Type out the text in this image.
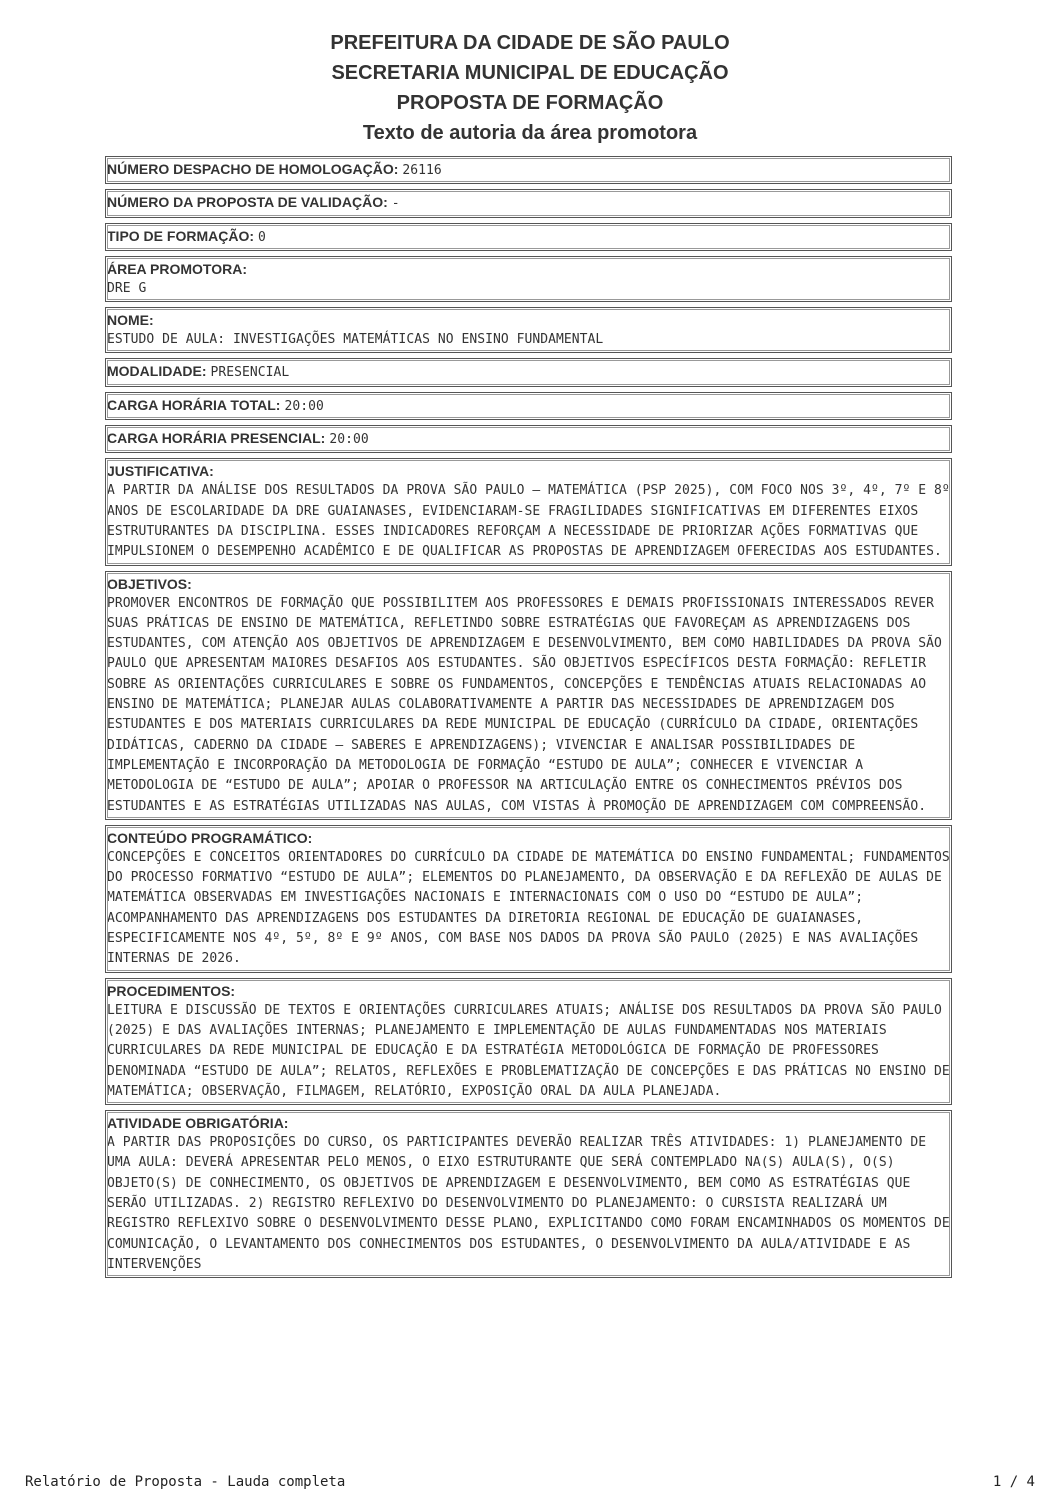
PREFEITURA DA CIDADE DE SÃO PAULO
SECRETARIA MUNICIPAL DE EDUCAÇÃO
PROPOSTA DE FORMAÇÃO
Texto de autoria da área promotora
NÚMERO DESPACHO DE HOMOLOGAÇÃO: 26116
NÚMERO DA PROPOSTA DE VALIDAÇÃO: -
TIPO DE FORMAÇÃO: 0
ÁREA PROMOTORA:
DRE G
NOME:
ESTUDO DE AULA: INVESTIGAÇÕES MATEMÁTICAS NO ENSINO FUNDAMENTAL
MODALIDADE: PRESENCIAL
CARGA HORÁRIA TOTAL: 20:00
CARGA HORÁRIA PRESENCIAL: 20:00
JUSTIFICATIVA:
A PARTIR DA ANÁLISE DOS RESULTADOS DA PROVA SÃO PAULO – MATEMÁTICA (PSP 2025), COM FOCO NOS 3º, 4º, 7º E 8º ANOS DE ESCOLARIDADE DA DRE GUAIANASES, EVIDENCIARAM-SE FRAGILIDADES SIGNIFICATIVAS EM DIFERENTES EIXOS ESTRUTURANTES DA DISCIPLINA. ESSES INDICADORES REFORÇAM A NECESSIDADE DE PRIORIZAR AÇÕES FORMATIVAS QUE IMPULSIONEM O DESEMPENHO ACADÊMICO E DE QUALIFICAR AS PROPOSTAS DE APRENDIZAGEM OFERECIDAS AOS ESTUDANTES.
OBJETIVOS:
PROMOVER ENCONTROS DE FORMAÇÃO QUE POSSIBILITEM AOS PROFESSORES E DEMAIS PROFISSIONAIS INTERESSADOS REVER SUAS PRÁTICAS DE ENSINO DE MATEMÁTICA, REFLETINDO SOBRE ESTRATÉGIAS QUE FAVOREÇAM AS APRENDIZAGENS DOS ESTUDANTES, COM ATENÇÃO AOS OBJETIVOS DE APRENDIZAGEM E DESENVOLVIMENTO, BEM COMO HABILIDADES DA PROVA SÃO PAULO QUE APRESENTAM MAIORES DESAFIOS AOS ESTUDANTES. SÃO OBJETIVOS ESPECÍFICOS DESTA FORMAÇÃO: REFLETIR SOBRE AS ORIENTAÇÕES CURRICULARES E SOBRE OS FUNDAMENTOS, CONCEPÇÕES E TENDÊNCIAS ATUAIS RELACIONADAS AO ENSINO DE MATEMÁTICA; PLANEJAR AULAS COLABORATIVAMENTE A PARTIR DAS NECESSIDADES DE APRENDIZAGEM DOS ESTUDANTES E DOS MATERIAIS CURRICULARES DA REDE MUNICIPAL DE EDUCAÇÃO (CURRÍCULO DA CIDADE, ORIENTAÇÕES DIDÁTICAS, CADERNO DA CIDADE – SABERES E APRENDIZAGENS); VIVENCIAR E ANALISAR POSSIBILIDADES DE IMPLEMENTAÇÃO E INCORPORAÇÃO DA METODOLOGIA DE FORMAÇÃO “ESTUDO DE AULA”; CONHECER E VIVENCIAR A METODOLOGIA DE “ESTUDO DE AULA”; APOIAR O PROFESSOR NA ARTICULAÇÃO ENTRE OS CONHECIMENTOS PRÉVIOS DOS ESTUDANTES E AS ESTRATÉGIAS UTILIZADAS NAS AULAS, COM VISTAS À PROMOÇÃO DE APRENDIZAGEM COM COMPREENSÃO.
CONTEÚDO PROGRAMÁTICO:
CONCEPÇÕES E CONCEITOS ORIENTADORES DO CURRÍCULO DA CIDADE DE MATEMÁTICA DO ENSINO FUNDAMENTAL; FUNDAMENTOS DO PROCESSO FORMATIVO “ESTUDO DE AULA”; ELEMENTOS DO PLANEJAMENTO, DA OBSERVAÇÃO E DA REFLEXÃO DE AULAS DE MATEMÁTICA OBSERVADAS EM INVESTIGAÇÕES NACIONAIS E INTERNACIONAIS COM O USO DO “ESTUDO DE AULA”; ACOMPANHAMENTO DAS APRENDIZAGENS DOS ESTUDANTES DA DIRETORIA REGIONAL DE EDUCAÇÃO DE GUAIANASES, ESPECIFICAMENTE NOS 4º, 5º, 8º E 9º ANOS, COM BASE NOS DADOS DA PROVA SÃO PAULO (2025) E NAS AVALIAÇÕES INTERNAS DE 2026.
PROCEDIMENTOS:
LEITURA E DISCUSSÃO DE TEXTOS E ORIENTAÇÕES CURRICULARES ATUAIS; ANÁLISE DOS RESULTADOS DA PROVA SÃO PAULO (2025) E DAS AVALIAÇÕES INTERNAS; PLANEJAMENTO E IMPLEMENTAÇÃO DE AULAS FUNDAMENTADAS NOS MATERIAIS CURRICULARES DA REDE MUNICIPAL DE EDUCAÇÃO E DA ESTRATÉGIA METODOLÓGICA DE FORMAÇÃO DE PROFESSORES DENOMINADA “ESTUDO DE AULA”; RELATOS, REFLEXÕES E PROBLEMATIZAÇÃO DE CONCEPÇÕES E DAS PRÁTICAS NO ENSINO DE MATEMÁTICA; OBSERVAÇÃO, FILMAGEM, RELATÓRIO, EXPOSIÇÃO ORAL DA AULA PLANEJADA.
ATIVIDADE OBRIGATÓRIA:
A PARTIR DAS PROPOSIÇÕES DO CURSO, OS PARTICIPANTES DEVERÃO REALIZAR TRÊS ATIVIDADES: 1) PLANEJAMENTO DE UMA AULA: DEVERÁ APRESENTAR PELO MENOS, O EIXO ESTRUTURANTE QUE SERÁ CONTEMPLADO NA(S) AULA(S), O(S) OBJETO(S) DE CONHECIMENTO, OS OBJETIVOS DE APRENDIZAGEM E DESENVOLVIMENTO, BEM COMO AS ESTRATÉGIAS QUE SERÃO UTILIZADAS. 2) REGISTRO REFLEXIVO DO DESENVOLVIMENTO DO PLANEJAMENTO: O CURSISTA REALIZARÁ UM REGISTRO REFLEXIVO SOBRE O DESENVOLVIMENTO DESSE PLANO, EXPLICITANDO COMO FORAM ENCAMINHADOS OS MOMENTOS DE COMUNICAÇÃO, O LEVANTAMENTO DOS CONHECIMENTOS DOS ESTUDANTES, O DESENVOLVIMENTO DA AULA/ATIVIDADE E AS INTERVENÇÕES
Relatório de Proposta - Lauda completa	1 / 4
